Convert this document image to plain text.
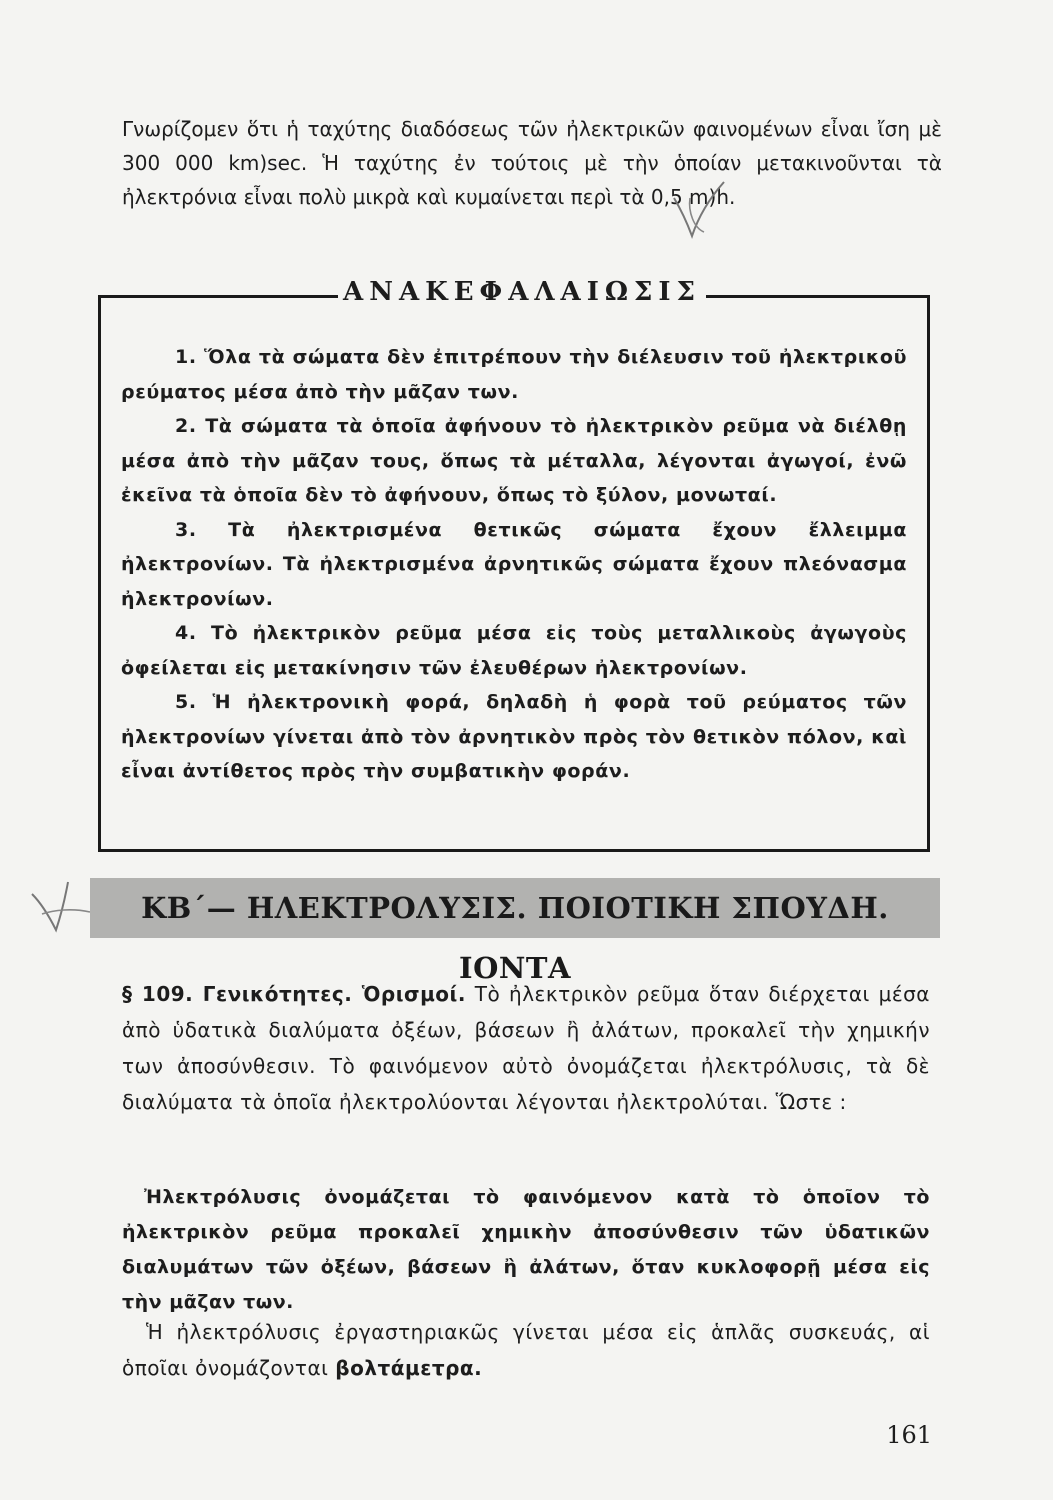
Γνωρίζομεν ὅτι ἡ ταχύτης διαδόσεως τῶν ἠλεκτρικῶν φαινομένων εἶναι ἴση μὲ 300 000 km)sec. Ἡ ταχύτης ἐν τούτοις μὲ τὴν ὁποίαν μετακινοῦνται τὰ ἠλεκτρόνια εἶναι πολὺ μικρὰ καὶ κυμαίνεται περὶ τὰ 0,5 m)h.

ΑΝΑΚΕΦΑΛΑΙΩΣΙΣ

1. Ὅλα τὰ σώματα δὲν ἐπιτρέπουν τὴν διέλευσιν τοῦ ἠλεκτρικοῦ ρεύματος μέσα ἀπὸ τὴν μᾶζαν των.

2. Τὰ σώματα τὰ ὁποῖα ἀφήνουν τὸ ἠλεκτρικὸν ρεῦμα νὰ διέλθῃ μέσα ἀπὸ τὴν μᾶζαν τους, ὅπως τὰ μέταλλα, λέγονται ἀγωγοί, ἐνῶ ἐκεῖνα τὰ ὁποῖα δὲν τὸ ἀφήνουν, ὅπως τὸ ξύλον, μονωταί.

3. Τὰ ἠλεκτρισμένα θετικῶς σώματα ἔχουν ἔλλειμμα ἠλεκτρονίων. Τὰ ἠλεκτρισμένα ἀρνητικῶς σώματα ἔχουν πλεόνασμα ἠλεκτρονίων.

4. Τὸ ἠλεκτρικὸν ρεῦμα μέσα εἰς τοὺς μεταλλικοὺς ἀγωγοὺς ὀφείλεται εἰς μετακίνησιν τῶν ἐλευθέρων ἠλεκτρονίων.

5. Ἡ ἠλεκτρονικὴ φορά, δηλαδὴ ἡ φορὰ τοῦ ρεύματος τῶν ἠλεκτρονίων γίνεται ἀπὸ τὸν ἀρνητικὸν πρὸς τὸν θετικὸν πόλον, καὶ εἶναι ἀντίθετος πρὸς τὴν συμβατικὴν φοράν.

ΚΒ΄— ΗΛΕΚΤΡΟΛΥΣΙΣ. ΠΟΙΟΤΙΚΗ ΣΠΟΥΔΗ. ΙΟΝΤΑ

§ 109. Γενικότητες. Ὁρισμοί. Τὸ ἠλεκτρικὸν ρεῦμα ὅταν διέρχεται μέσα ἀπὸ ὑδατικὰ διαλύματα ὀξέων, βάσεων ἢ ἀλάτων, προκαλεῖ τὴν χημικήν των ἀποσύνθεσιν. Τὸ φαινόμενον αὐτὸ ὀνομάζεται ἠλεκτρόλυσις, τὰ δὲ διαλύματα τὰ ὁποῖα ἠλεκτρολύονται λέγονται ἠλεκτρολύται. Ὥστε :

Ἠλεκτρόλυσις ὀνομάζεται τὸ φαινόμενον κατὰ τὸ ὁποῖον τὸ ἠλεκτρικὸν ρεῦμα προκαλεῖ χημικὴν ἀποσύνθεσιν τῶν ὑδατικῶν διαλυμάτων τῶν ὀξέων, βάσεων ἢ ἀλάτων, ὅταν κυκλοφορῇ μέσα εἰς τὴν μᾶζαν των.

Ἡ ἠλεκτρόλυσις ἐργαστηριακῶς γίνεται μέσα εἰς ἁπλᾶς συσκευάς, αἱ ὁποῖαι ὀνομάζονται βολτάμετρα.

161
